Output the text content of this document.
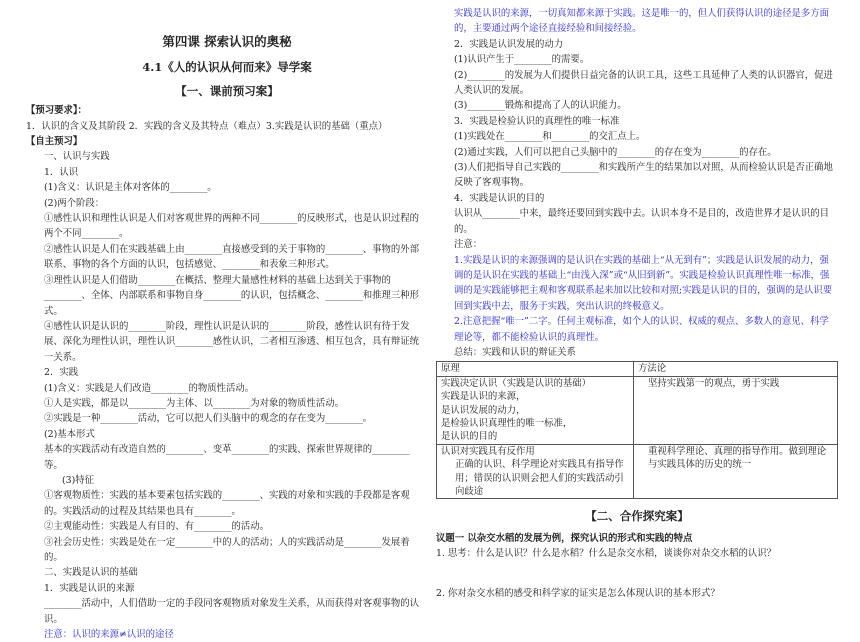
第四课 探索认识的奥秘
4.1《人的认识从何而来》导学案
【一、课前预习案】
【预习要求】：
1．认识的含义及其阶段 2．实践的含义及其特点（难点）3.实践是认识的基础（重点）
【自主预习】
一、认识与实践
1．认识
(1)含义：认识是主体对客体的________。
(2)两个阶段：
①感性认识和理性认识是人们对客观世界的两种不同________的反映形式，也是认识过程的两个不同________。
②感性认识是人们在实践基础上由________直接感受到的关于事物的________、事物的外部联系、事物的各个方面的认识，包括感觉、________和表象三种形式。
③理性认识是人们借助________在概括、整理大量感性材料的基础上达到关于事物的________、全体、内部联系和事物自身________的认识，包括概念、________和推理三种形式。
④感性认识是认识的________阶段，理性认识是认识的________阶段，感性认识有待于发展、深化为理性认识，理性认识________感性认识，二者相互渗透、相互包含，具有辩证统一关系。
2．实践
(1)含义：实践是人们改造________的物质性活动。
①人是实践，都是以________为主体、以________为对象的物质性活动。
②实践是一种________活动，它可以把人们头脑中的观念的存在变为________。
(2)基本形式
基本的实践活动有改造自然的________、变革________的实践、探索世界规律的________等。
(3)特征
①客观物质性：实践的基本要素包括实践的________、实践的对象和实践的手段都是客观的。实践活动的过程及其结果也具有________。
②主观能动性：实践是人有目的、有________的活动。
③社会历史性：实践是处在一定________中的人的活动；人的实践活动是________发展着的。
二、实践是认识的基础
1．实践是认识的来源
________活动中，人们借助一定的手段同客观物质对象发生关系，从而获得对客观事物的认识。
注意：认识的来源≠认识的途径
实践是认识的来源，一切真知都来源于实践。这是唯一的，但人们获得认识的途径是多方面的，主要通过两个途径直接经验和间接经验。
2．实践是认识发展的动力
(1)认识产生于________的需要。
(2)________的发展为人们提供日益完备的认识工具，这些工具延伸了人类的认识器官，促进人类认识的发展。
(3)________锻炼和提高了人的认识能力。
3．实践是检验认识的真理性的唯一标准
(1)实践处在________和________的交汇点上。
(2)通过实践，人们可以把自己头脑中的________的存在变为________的存在。
(3)人们把指导自己实践的________和实践所产生的结果加以对照，从而检验认识是否正确地反映了客观事物。
4．实践是认识的目的
认识从________中来，最终还要回到实践中去。认识本身不是目的，改造世界才是认识的目的。
注意：
1.实践是认识的来源强调的是认识在实践的基础上“从无到有”；实践是认识发展的动力，强调的是认识在实践的基础上“由浅入深”或“从旧到新”。实践是检验认识真理性唯一标准，强调的是实践能够把主观和客观联系起来加以比较和对照;实践是认识的目的，强调的是认识要回到实践中去，服务于实践，突出认识的终极意义。
2.注意把握“唯一”二字。任何主观标准，如个人的认识、权威的观点、多数人的意见、科学理论等，都不能检验认识的真理性。
总结：实践和认识的辩证关系
原理	方法论

实践决定认识（实践是认识的基础）
实践是认识的来源，
是认识发展的动力，
是检验认识真理性的唯一标准，
是认识的目的	坚持实践第一的观点，勇于实践

认识对实践具有反作用
正确的认识、科学理论对实践具有指导作用；错误的认识则会把人们的实践活动引向歧途	重视科学理论、真理的指导作用。做到理论与实践具体的历史的统一
【二、合作探究案】
议题一 以杂交水稻的发展为例，探究认识的形式和实践的特点
1. 思考：什么是认识？什么是水稻？什么是杂交水稻，谈谈你对杂交水稻的认识？
2. 你对杂交水稻的感受和科学家的证实是怎么体现认识的基本形式？
